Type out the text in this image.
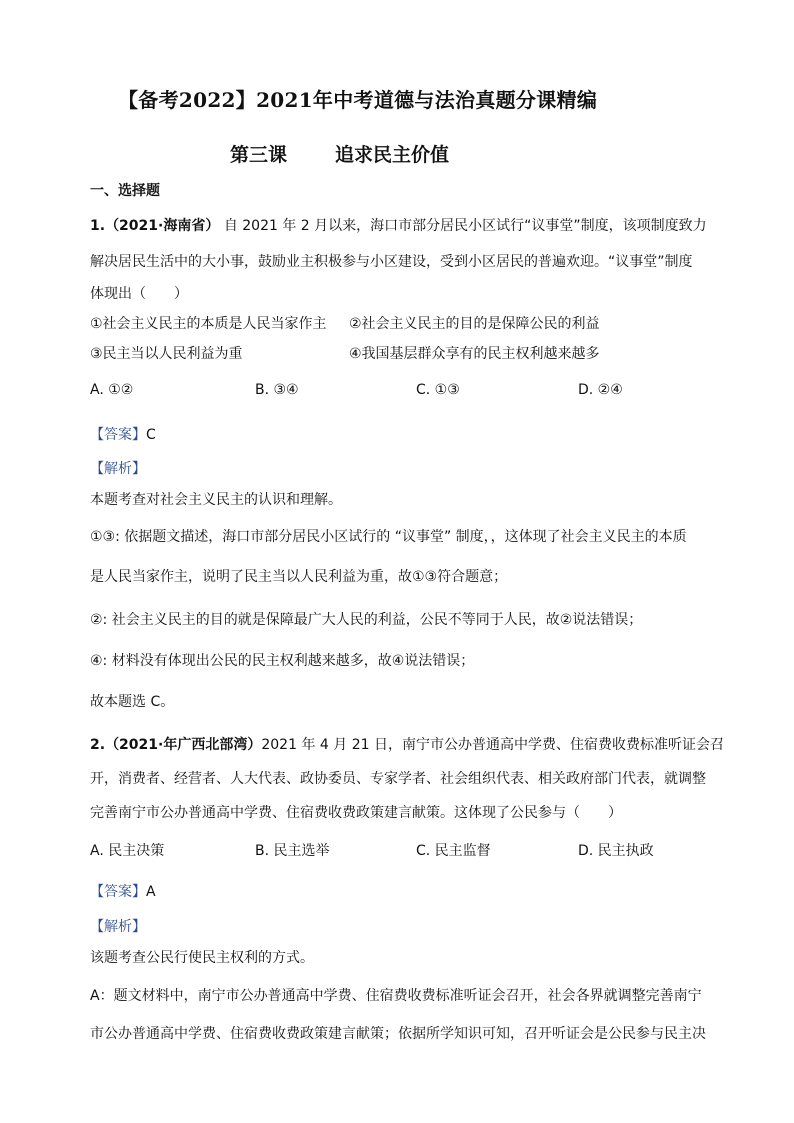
【备考2022】2021年中考道德与法治真题分课精编
第三课	追求民主价值
一、选择题
1.（2021·海南省） 自 2021 年 2 月以来，海口市部分居民小区试行“议事堂”制度，该项制度致力
解决居民生活中的大小事，鼓励业主积极参与小区建设，受到小区居民的普遍欢迎。“议事堂”制度
体现出（　　）
①社会主义民主的本质是人民当家作主 ②社会主义民主的目的是保障公民的利益
③民主当以人民利益为重	④我国基层群众享有的民主权利越来越多
A. ①②	B. ③④	C. ①③	D. ②④
【答案】C
【解析】
本题考查对社会主义民主的认识和理解。
①③: 依据题文描述，海口市部分居民小区试行的 “议事堂” 制度，，这体现了社会主义民主的本质
是人民当家作主，说明了民主当以人民利益为重，故①③符合题意；
②: 社会主义民主的目的就是保障最广大人民的利益，公民不等同于人民，故②说法错误；
④: 材料没有体现出公民的民主权利越来越多，故④说法错误；
故本题选 C。
2.（2021·年广西北部湾）2021 年 4 月 21 日，南宁市公办普通高中学费、住宿费收费标准听证会召
开，消费者、经营者、人大代表、政协委员、专家学者、社会组织代表、相关政府部门代表，就调整
完善南宁市公办普通高中学费、住宿费收费政策建言献策。这体现了公民参与（　　）
A. 民主决策	B. 民主选举	C. 民主监督	D. 民主执政
【答案】A
【解析】
该题考查公民行使民主权利的方式。
A：题文材料中，南宁市公办普通高中学费、住宿费收费标准听证会召开，社会各界就调整完善南宁
市公办普通高中学费、住宿费收费政策建言献策；依据所学知识可知，召开听证会是公民参与民主决
